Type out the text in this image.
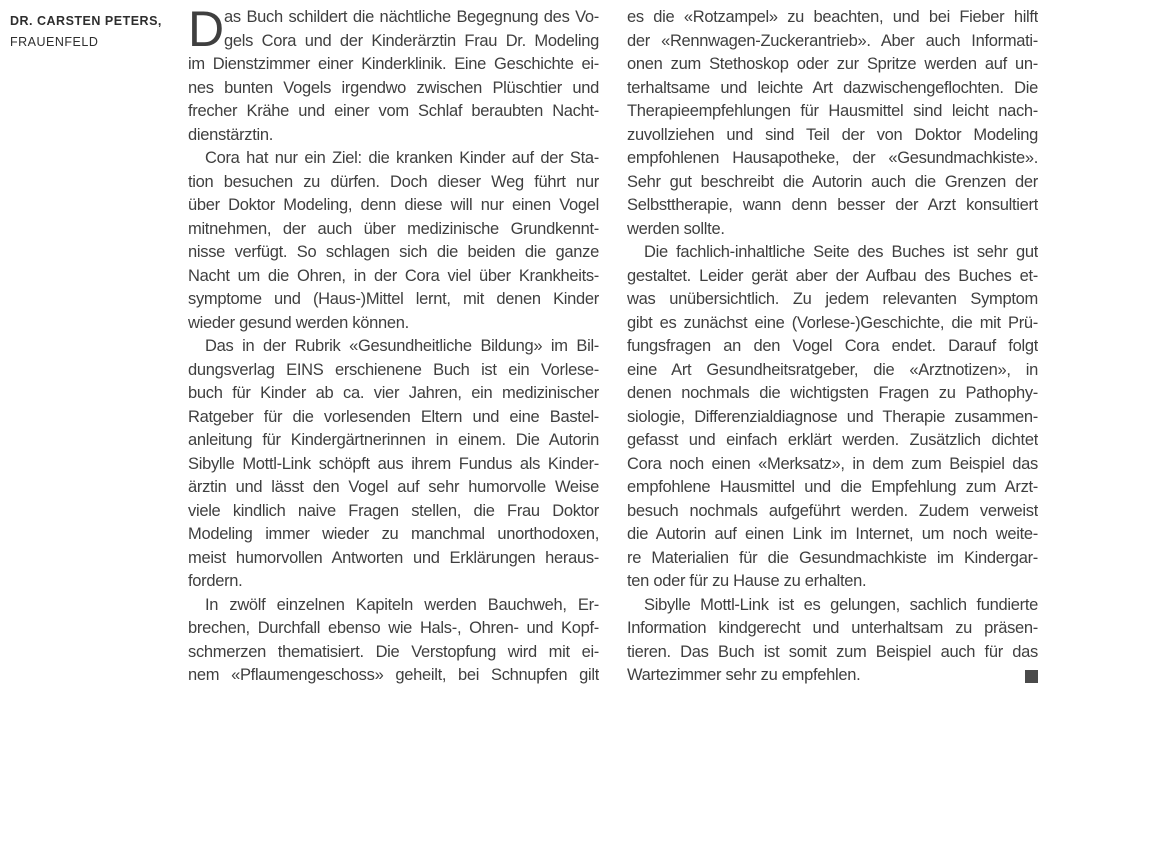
DR. CARSTEN PETERS,
FRAUENFELD	D as Buch schildert die nächtliche Begegnung des Vo-
gels Cora und der Kinderärztin Frau Dr. Modeling
im Dienstzimmer einer Kinderklinik. Eine Geschichte ei-
nes bunten Vogels irgendwo zwischen Plüschtier und
frecher Krähe und einer vom Schlaf beraubten Nacht-
dienstärztin.
Cora hat nur ein Ziel: die kranken Kinder auf der Sta-
tion besuchen zu dürfen. Doch dieser Weg führt nur
über Doktor Modeling, denn diese will nur einen Vogel
mitnehmen, der auch über medizinische Grundkennt-
nisse verfügt. So schlagen sich die beiden die ganze
Nacht um die Ohren, in der Cora viel über Krankheits-
symptome und (Haus-)Mittel lernt, mit denen Kinder
wieder gesund werden können.
Das in der Rubrik «Gesundheitliche Bildung» im Bil-
dungsverlag EINS erschienene Buch ist ein Vorlese-
buch für Kinder ab ca. vier Jahren, ein medizinischer
Ratgeber für die vorlesenden Eltern und eine Bastel-
anleitung für Kindergärtnerinnen in einem. Die Autorin
Sibylle Mottl-Link schöpft aus ihrem Fundus als Kinder-
ärztin und lässt den Vogel auf sehr humorvolle Weise
viele kindlich naive Fragen stellen, die Frau Doktor
Modeling immer wieder zu manchmal unorthodoxen,
meist humorvollen Antworten und Erklärungen heraus-
fordern.
In zwölf einzelnen Kapiteln werden Bauchweh, Er-
brechen, Durchfall ebenso wie Hals-, Ohren- und Kopf-
schmerzen thematisiert. Die Verstopfung wird mit ei-
nem «Pflaumengeschoss» geheilt, bei Schnupfen gilt
es die «Rotzampel» zu beachten, und bei Fieber hilft
der «Rennwagen-Zuckerantrieb». Aber auch Informati-
onen zum Stethoskop oder zur Spritze werden auf un-
terhaltsame und leichte Art dazwischengeflochten. Die
Therapieempfehlungen für Hausmittel sind leicht nach-
zuvollziehen und sind Teil der von Doktor Modeling
empfohlenen Hausapotheke, der «Gesundmachkiste».
Sehr gut beschreibt die Autorin auch die Grenzen der
Selbsttherapie, wann denn besser der Arzt konsultiert
werden sollte.
Die fachlich-inhaltliche Seite des Buches ist sehr gut
gestaltet. Leider gerät aber der Aufbau des Buches et-
was unübersichtlich. Zu jedem relevanten Symptom
gibt es zunächst eine (Vorlese-)Geschichte, die mit Prü-
fungsfragen an den Vogel Cora endet. Darauf folgt
eine Art Gesundheitsratgeber, die «Arztnotizen», in
denen nochmals die wichtigsten Fragen zu Pathophy-
siologie, Differenzialdiagnose und Therapie zusammen-
gefasst und einfach erklärt werden. Zusätzlich dichtet
Cora noch einen «Merksatz», in dem zum Beispiel das
empfohlene Hausmittel und die Empfehlung zum Arzt-
besuch nochmals aufgeführt werden. Zudem verweist
die Autorin auf einen Link im Internet, um noch weite-
re Materialien für die Gesundmachkiste im Kindergar-
ten oder für zu Hause zu erhalten.
Sibylle Mottl-Link ist es gelungen, sachlich fundierte
Information kindgerecht und unterhaltsam zu präsen-
tieren. Das Buch ist somit zum Beispiel auch für das
Wartezimmer sehr zu empfehlen.
